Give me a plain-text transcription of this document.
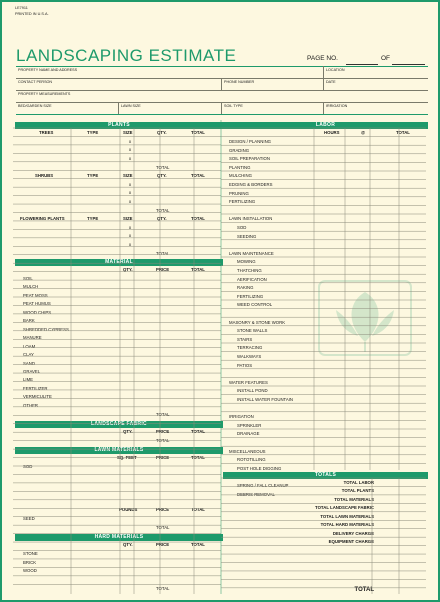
LE7911
PRINTED IN U.S.A.
LANDSCAPING ESTIMATE	PAGE NO.	OF
PROPERTY NAME AND ADDRESS	LOCATION
CONTACT PERSON	PHONE NUMBER	DATE
PROPERTY MEASUREMENTS
BED/GARDEN SIZE	LAWN SIZE	SOIL TYPE	IRRIGATION
PLANTS
MATERIAL
LANDSCAPE FABRIC
LAWN MATERIALS
HARD MATERIALS
TREES	TYPE	SIZE	QTY.	TOTAL
x
x
x
TOTAL
SHRUBS	TYPE	SIZE	QTY.	TOTAL
x
x
x
TOTAL
FLOWERING PLANTS	TYPE	SIZE	QTY.	TOTAL
x
x
x
TOTAL
QTY.	PRICE	TOTAL
SOIL
MULCH
PEAT MOSS
PEAT HUMUS
WOOD CHIPS
BARK
SHREDDED CYPRESS
MANURE
LOAM
CLAY
SAND
GRAVEL
LIME
FERTILIZER
VERMICULITE
OTHER
TOTAL
QTY.	PRICE	TOTAL
TOTAL
SQ. FEET	PRICE	TOTAL
SOD
POUNDS	PRICE	TOTAL
SEED
TOTAL
QTY.	PRICE	TOTAL
STONE
BRICK
WOOD
TOTAL
LABOR
HOURS	@	TOTAL
DESIGN / PLANNING
GRADING
SOIL PREPARATION
PLANTING
MULCHING
EDGING & BORDERS
PRUNING
FERTILIZING
LAWN INSTALLATION
SOD
SEEDING
LAWN MAINTENANCE
MOWING
THATCHING
AERIFICATION
RAKING
FERTILIZING
WEED CONTROL
MASONRY & STONE WORK
STONE WALLS
STAIRS
TERRACING
WALKWAYS
PATIOS
WATER FEATURES
INSTALL POND
INSTALL WATER FOUNTAIN
IRRIGATION
SPRINKLER
DRAINAGE
MISCELLANEOUS
ROTOTILLING
POST HOLE DIGGING
SPRING / FALL CLEANUP
DEBRIS REMOVAL
TOTALS
TOTAL LABOR
TOTAL PLANTS
TOTAL MATERIALS
TOTAL LANDSCAPE FABRIC
TOTAL LAWN MATERIALS
TOTAL HARD MATERIALS
DELIVERY CHARGE
EQUIPMENT CHARGE
TOTAL
